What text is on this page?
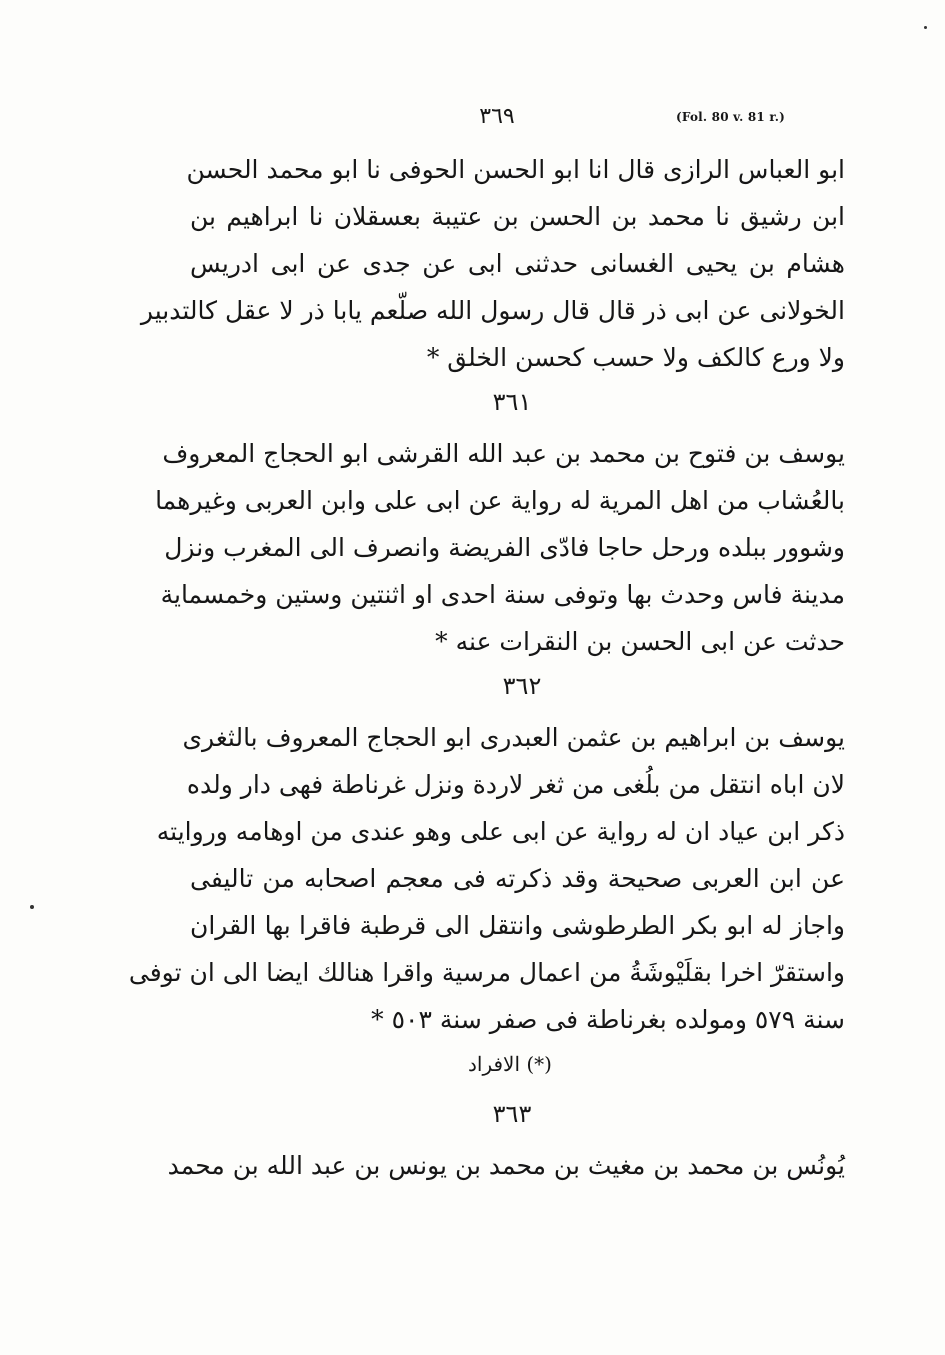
٣٦٩	(Fol. 80 v. 81 r.)
ابو العباس الرازى قال انا ابو الحسن الحوفى نا ابو محمد الحسن
ابن رشيق نا محمد بن الحسن بن عتيبة بعسقلان نا ابراهيم بن
هشام بن يحيى الغسانى حدثنى ابى عن جدى عن ابى ادريس
الخولانى عن ابى ذر قال قال رسول الله صلّعم يابا ذر لا عقل كالتدبير
ولا ورع كالكف ولا حسب كحسن الخلق *
٣٦١
يوسف بن فتوح بن محمد بن عبد الله القرشى ابو الحجاج المعروف
بالعُشاب من اهل المرية له رواية عن ابى على وابن العربى وغيرهما
وشوور ببلده ورحل حاجا فادّى الفريضة وانصرف الى المغرب ونزل
مدينة فاس وحدث بها وتوفى سنة احدى او اثنتين وستين وخمسماية
حدثت عن ابى الحسن بن النقرات عنه *
٣٦٢
يوسف بن ابراهيم بن عثمن العبدرى ابو الحجاج المعروف بالثغرى
لان اباه انتقل من بلُغى من ثغر لاردة ونزل غرناطة فهى دار ولده
ذكر ابن عياد ان له رواية عن ابى على وهو عندى من اوهامه وروايته
عن ابن العربى صحيحة وقد ذكرته فى معجم اصحابه من تاليفى
واجاز له ابو بكر الطرطوشى وانتقل الى قرطبة فاقرا بها القران
واستقرّ اخرا بقلَيْوشَةُ من اعمال مرسية واقرا هنالك ايضا الى ان توفى
سنة ٥٧٩ ومولده بغرناطة فى صفر سنة ٥٠٣ *
(*) الافراد
٣٦٣
يُونُس بن محمد بن مغيث بن محمد بن يونس بن عبد الله بن محمد
